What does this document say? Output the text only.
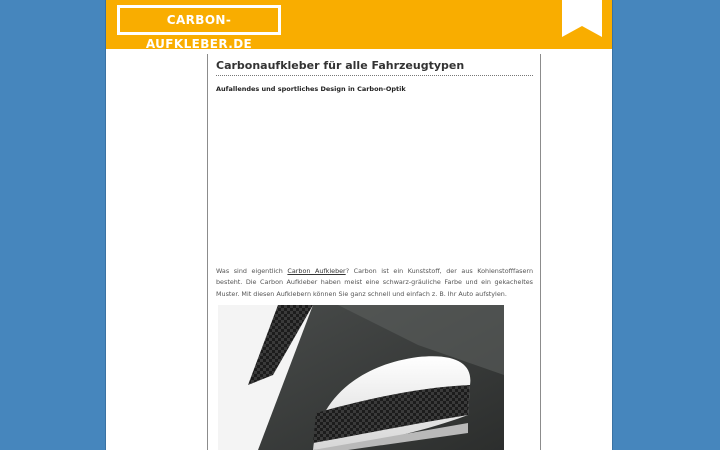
CARBON-AUFKLEBER.DE
Carbonaufkleber für alle Fahrzeugtypen

Aufallendes und sportliches Design in Carbon-Optik

Was sind eigentlich Carbon Aufkleber? Carbon ist ein Kunststoff, der aus Kohlenstofffasern besteht. Die Carbon Aufkleber haben meist eine schwarz-gräuliche Farbe und ein gekacheltes Muster. Mit diesen Aufklebern können Sie ganz schnell und einfach z. B. Ihr Auto aufstylen.
